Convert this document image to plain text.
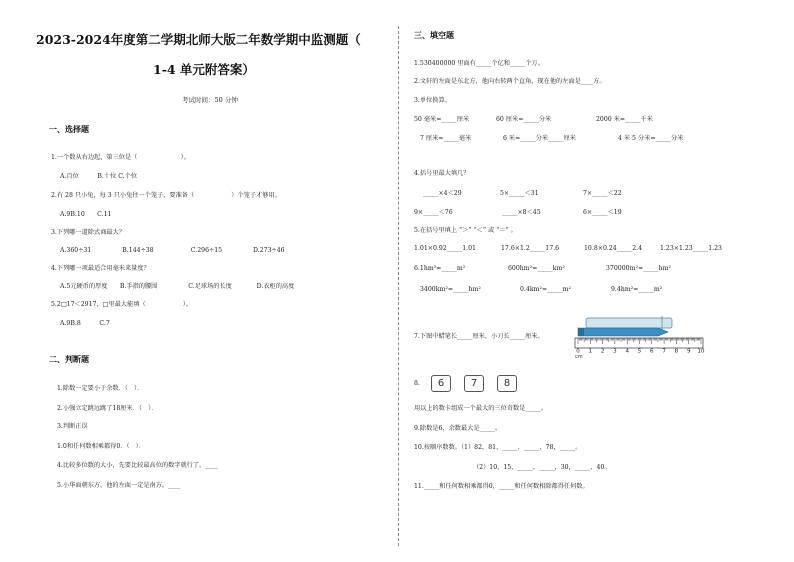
2023-2024年度第二学期北师大版二年数学期中监测题（
1-4 单元附答案）
考试时间：50 分钟
一、选择题
1.一个数从右边起，第三位是（　　　　　　　）。
A.百位　　　B.十位 C.个位
2.有 28 只小兔，每 3 只小兔往一个笼子，要准备（　　　　　　）个笼子才够用。
A.9B.10　　C.11
3.下列哪一道除式商最大？
A.360÷31　　　　　B.144÷38　　　　　　C.296÷15　　　　　D.273÷46
4.下列哪一项最适合用毫米来量度？
A.5元硬币的厚度　　B.手指的腰围　　　　　C.足球场的长度　　　　D.衣柜的高度
5.2□17＜2917，□里最大能填（　　　　　　）。
A.9B.8　　　C.7
二、判断题
1.除数一定要小于余数．（　）．
2.小强立定跳远跳了18厘米．（　）．
3.判断正误
1.0和任何数相乘都得0．（　）．
4.比较多位数的大小，先要比较最高位的数字就行了。____
5.小华面朝东方，他的左面一定是南方。____
三、填空题
1.530400000 里面有_____个亿和_____个万。
2.文轩的左面是东北方，他向右转两个直角，现在他的左面是____方。
3.单位换算。
50 毫米=_____厘米	60 厘米=_____分米	2000 米=_____千米
7 厘米=_____毫米	6 米=_____分米_____厘米	4 米 5 分米=_____分米
4.括号里最大填几？
_____×4＜29	5×_____＜31	7×_____＜22
9×_____＜76	_____×8＜45	6×_____＜19
5.在括号里填上 “＞” “＜” 或 “＝” 。
1.01×0.92_____1.01	17.6×1.2_____17.6	10.8×0.24_____2.4	1.23×1.23_____1.23
6.1hm²=_____m²	600hm²=_____km²	370000m²=_____hm²
3400km²=_____hm²	0.4km²=_____m²	9.4hm²=_____m²
7.下图中蜡笔长_____厘米，小刀长_____厘米。
0 1 2 3 4 5 6 7 8 9 10
cm
8.	6	7	8
用以上的数卡组成一个最大的三位奇数是_____。
9.除数是6，余数最大是_____。
10.按顺序数数。（1）82，81，_____，_____，78，_____。
（2）10，15，_____，_____，30，_____，40。
11._____和任何数相乘都得0，_____和任何数相除都得任何数。
